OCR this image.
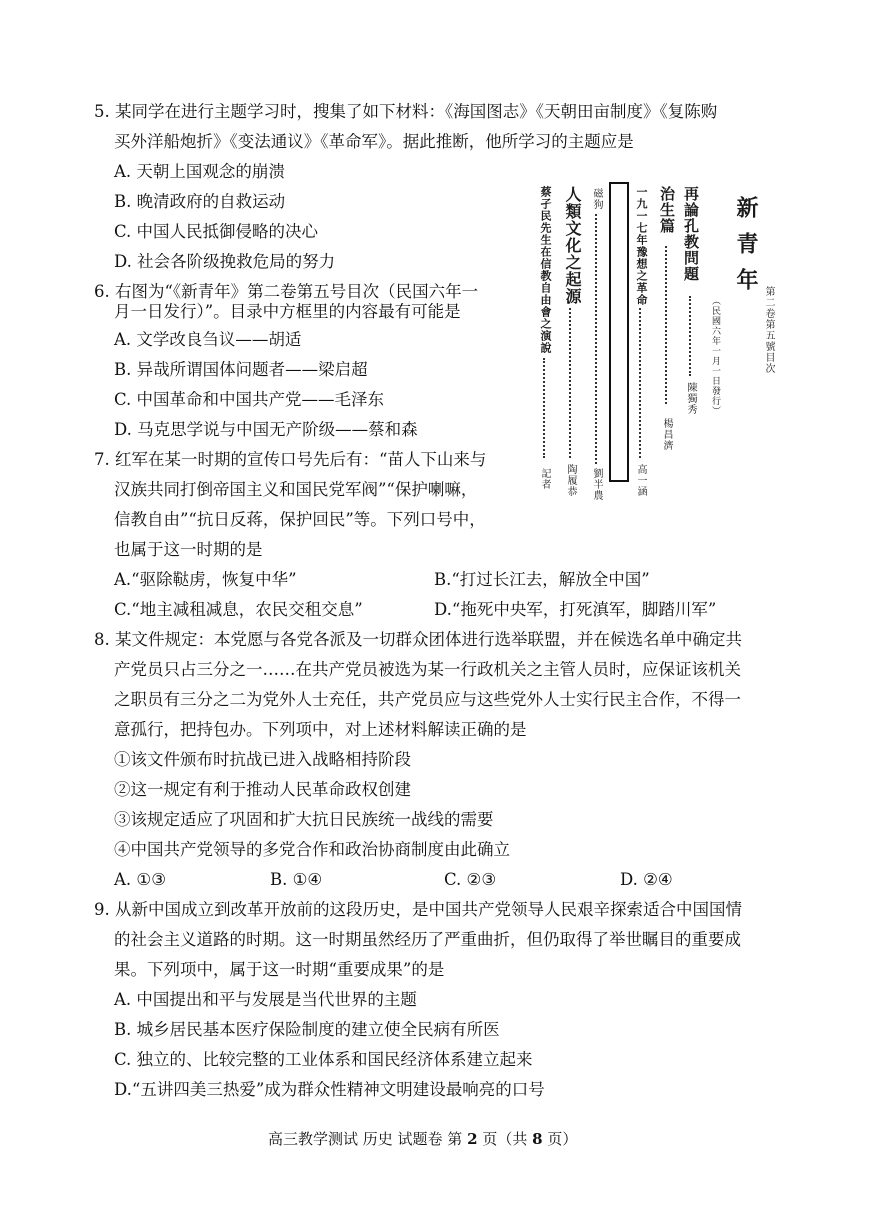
5. 某同学在进行主题学习时，搜集了如下材料：《海国图志》《天朝田亩制度》《复陈购
买外洋船炮折》《变法通议》《革命军》。据此推断，他所学习的主题应是
A. 天朝上国观念的崩溃
B. 晚清政府的自救运动
C. 中国人民抵御侵略的决心
D. 社会各阶级挽救危局的努力
6. 右图为“《新青年》第二卷第五号目次（民国六年一
月一日发行）”。目录中方框里的内容最有可能是
A. 文学改良刍议——胡适
B. 异哉所谓国体问题者——梁启超
C. 中国革命和中国共产党——毛泽东
D. 马克思学说与中国无产阶级——蔡和森
7. 红军在某一时期的宣传口号先后有：“苗人下山来与
汉族共同打倒帝国主义和国民党军阀”“保护喇嘛，
信教自由”“抗日反蒋，保护回民”等。下列口号中，
也属于这一时期的是
A.“驱除鞑虏，恢复中华”	B.“打过长江去，解放全中国”
C.“地主减租减息，农民交租交息”	D.“拖死中央军，打死滇军，脚踏川军”
8. 某文件规定：本党愿与各党各派及一切群众团体进行选举联盟，并在候选名单中确定共
产党员只占三分之一……在共产党员被选为某一行政机关之主管人员时，应保证该机关
之职员有三分之二为党外人士充任，共产党员应与这些党外人士实行民主合作，不得一
意孤行，把持包办。下列项中，对上述材料解读正确的是
①该文件颁布时抗战已进入战略相持阶段
②这一规定有利于推动人民革命政权创建
③该规定适应了巩固和扩大抗日民族统一战线的需要
④中国共产党领导的多党合作和政治协商制度由此确立
A. ①③	B. ①④	C. ②③	D. ②④
9. 从新中国成立到改革开放前的这段历史，是中国共产党领导人民艰辛探索适合中国国情
的社会主义道路的时期。这一时期虽然经历了严重曲折，但仍取得了举世瞩目的重要成
果。下列项中，属于这一时期“重要成果”的是
A. 中国提出和平与发展是当代世界的主题
B. 城乡居民基本医疗保险制度的建立使全民病有所医
C. 独立的、比较完整的工业体系和国民经济体系建立起来
D.“五讲四美三热爱”成为群众性精神文明建设最响亮的口号
新青年
第二卷第五號目次
（民國六年一月一日發行）
再論孔教問題
陳獨秀
治生篇
楊昌濟
一九一七年豫想之革命
高一涵
磁狗
劉半農
人類文化之起源
陶履恭
蔡孑民先生在信教自由會之演說
記者
高三教学测试 历史 试题卷 第 2 页（共 8 页）
